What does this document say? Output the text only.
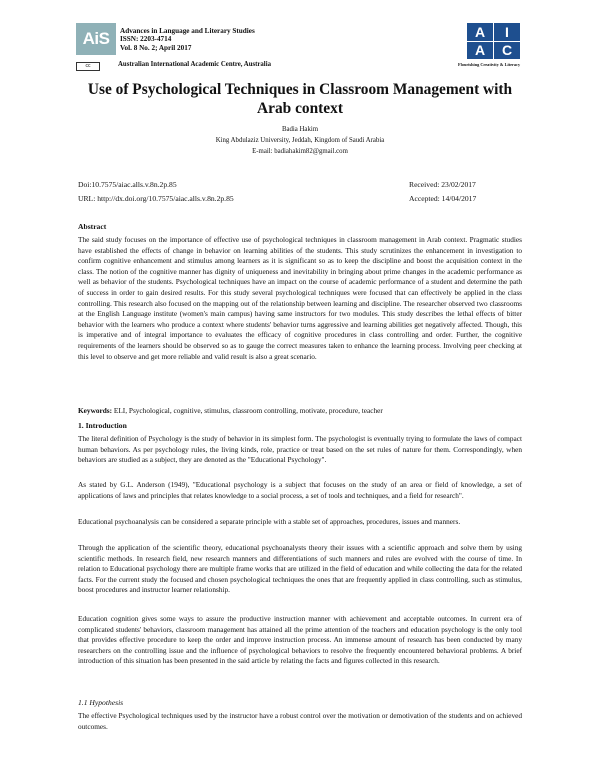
AiS	Advances in Language and Literary Studies
ISSN: 2203-4714
Vol. 8 No. 2; April 2017
cc	Australian International Academic Centre, Australia
A	I
A	C
Flourishing Creativity & Literacy
Use of Psychological Techniques in Classroom Management with
Arab context
Badia Hakim
King Abdulaziz University, Jeddah, Kingdom of Saudi Arabia
E-mail: badiahakim82@gmail.com
Doi:10.7575/aiac.alls.v.8n.2p.85
URL: http://dx.doi.org/10.7575/aiac.alls.v.8n.2p.85
Received: 23/02/2017
Accepted: 14/04/2017
Abstract

The said study focuses on the importance of effective use of psychological techniques in classroom management in Arab context. Pragmatic studies have established the effects of change in behavior on learning abilities of the students. This study scrutinizes the enhancement in investigation to confirm cognitive enhancement and stimulus among learners as it is significant so as to keep the discipline and boost the acquisition context in the class. The notion of the cognitive manner has dignity of uniqueness and inevitability in bringing about prime changes in the academic performance as well as behavior of the students. Psychological techniques have an impact on the course of academic performance of a student and determine the path of success in order to gain desired results. For this study several psychological techniques were focused that can effectively be applied in the class controlling. This research also focused on the mapping out of the relationship between learning and discipline. The researcher observed two classrooms at the English Language institute (women's main campus) having same instructors for two modules. This study describes the lethal effects of bitter behavior with the learners who produce a context where students' behavior turns aggressive and learning abilities get negatively affected. Though, this is imperative and of integral importance to evaluates the efficacy of cognitive procedures in class controlling and order. Further, the cognitive requirements of the learners should be observed so as to gauge the correct measures taken to enhance the learning process. Involving peer checking at this level to observe and get more reliable and valid result is also a great scenario.

Keywords: ELI, Psychological, cognitive, stimulus, classroom controlling, motivate, procedure, teacher
1. Introduction

The literal definition of Psychology is the study of behavior in its simplest form. The psychologist is eventually trying to formulate the laws of compact human behaviors. As per psychology rules, the living kinds, role, practice or treat based on the set rules of nature for them. Correspondingly, when behaviors are studied as a subject, they are denoted as the "Educational Psychology".

As stated by G.L. Anderson (1949), "Educational psychology is a subject that focuses on the study of an area or field of knowledge, a set of applications of laws and principles that relates knowledge to a social process, a set of tools and techniques, and a field for research".

Educational psychoanalysis can be considered a separate principle with a stable set of approaches, procedures, issues and manners.

Through the application of the scientific theory, educational psychoanalysts theory their issues with a scientific approach and solve them by using scientific methods. In research field, new research manners and differentiations of such manners and rules are evolved with the course of time. In relation to Educational psychology there are multiple frame works that are utilized in the field of education and while collecting the data for the related facts. For the current study the focused and chosen psychological techniques the ones that are frequently applied in class controlling, such as stimulus, boost procedures and instructor learner relationship.

Education cognition gives some ways to assure the productive instruction manner with achievement and acceptable outcomes. In current era of complicated students' behaviors, classroom management has attained all the prime attention of the teachers and education psychology is the only tool that provides effective procedure to keep the order and improve instruction process. An immense amount of research has been conducted by many researchers on the controlling issue and the influence of psychological behaviors to resolve the frequently encountered behavioral problems. A brief introduction of this situation has been presented in the said article by relating the facts and figures collected in this research.

1.1 Hypothesis

The effective Psychological techniques used by the instructor have a robust control over the motivation or demotivation of the students and on achieved outcomes.
